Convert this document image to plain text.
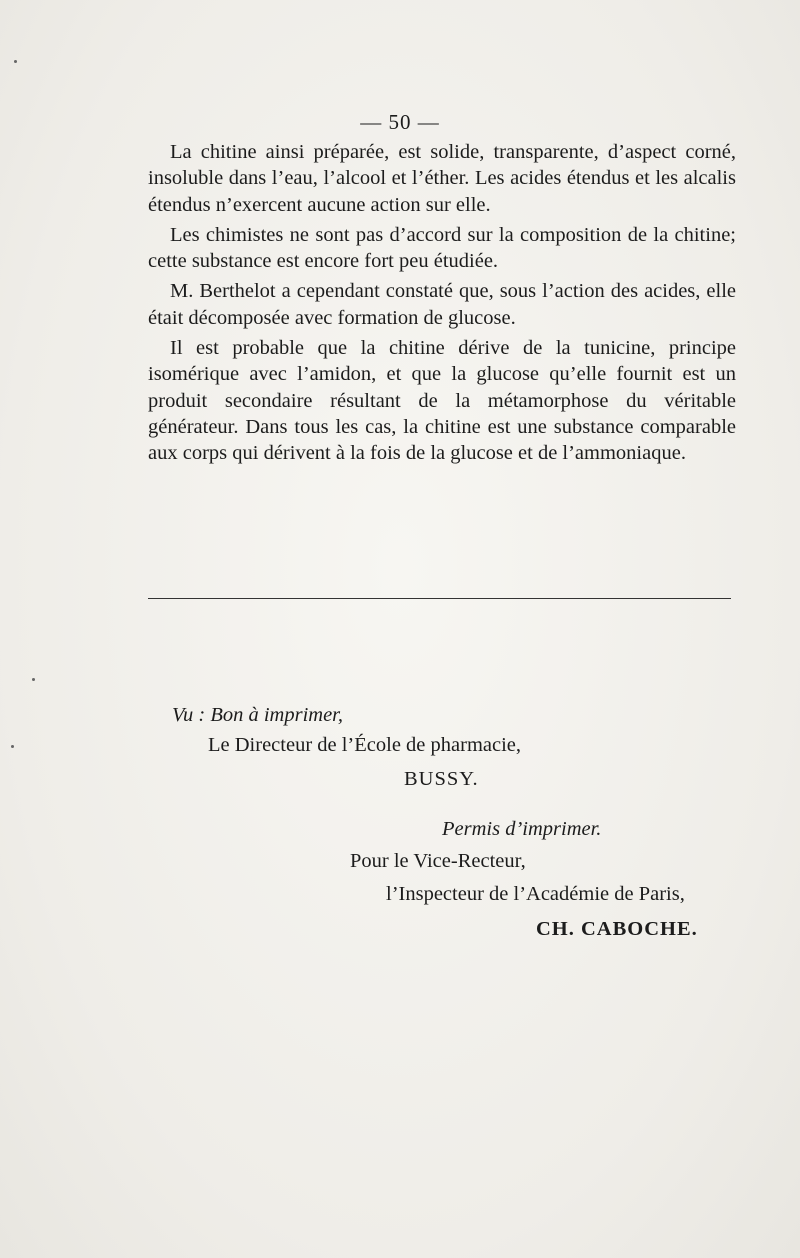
— 50 —

La chitine ainsi préparée, est solide, transparente, d’aspect corné, insoluble dans l’eau, l’alcool et l’éther. Les acides étendus et les alcalis étendus n’exercent aucune action sur elle.

Les chimistes ne sont pas d’accord sur la composition de la chitine; cette substance est encore fort peu étudiée.

M. Berthelot a cependant constaté que, sous l’action des acides, elle était décomposée avec formation de glucose.

Il est probable que la chitine dérive de la tunicine, principe isomérique avec l’amidon, et que la glucose qu’elle fournit est un produit secondaire résultant de la métamorphose du véritable générateur. Dans tous les cas, la chitine est une substance comparable aux corps qui dérivent à la fois de la glucose et de l’ammoniaque.

Vu : Bon à imprimer,
Le Directeur de l’École de pharmacie,
BUSSY.
Permis d’imprimer.
Pour le Vice-Recteur,
l’Inspecteur de l’Académie de Paris,
CH. CABOCHE.
